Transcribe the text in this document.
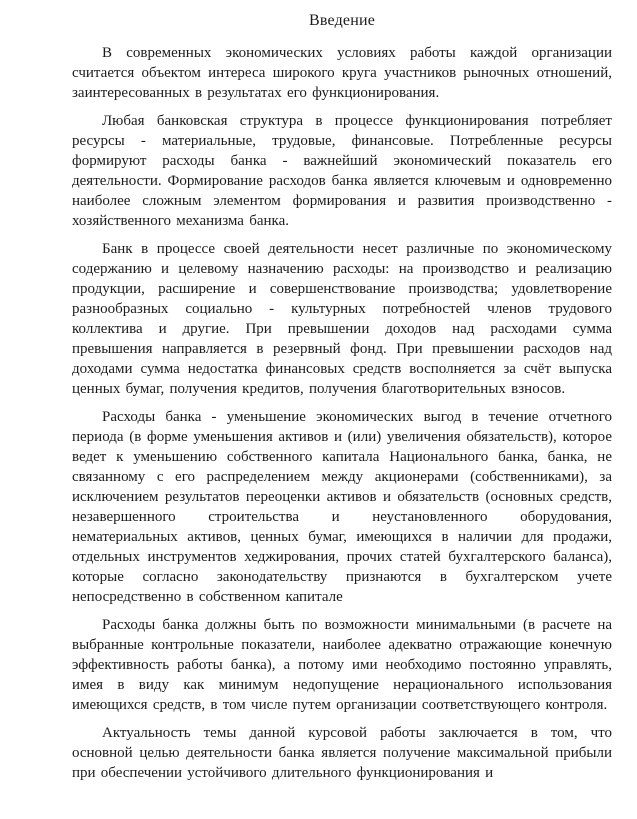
Введение

В современных экономических условиях работы каждой организации считается объектом интереса широкого круга участников рыночных отношений, заинтересованных в результатах его функционирования.

Любая банковская структура в процессе функционирования потребляет ресурсы - материальные, трудовые, финансовые. Потребленные ресурсы формируют расходы банка - важнейший экономический показатель его деятельности. Формирование расходов банка является ключевым и одновременно наиболее сложным элементом формирования и развития производственно - хозяйственного механизма банка.

Банк в процессе своей деятельности несет различные по экономическому содержанию и целевому назначению расходы: на производство и реализацию продукции, расширение и совершенствование производства; удовлетворение разнообразных социально - культурных потребностей членов трудового коллектива и другие. При превышении доходов над расходами сумма превышения направляется в резервный фонд. При превышении расходов над доходами сумма недостатка финансовых средств восполняется за счёт выпуска ценных бумаг, получения кредитов, получения благотворительных взносов.

Расходы банка - уменьшение экономических выгод в течение отчетного периода (в форме уменьшения активов и (или) увеличения обязательств), которое ведет к уменьшению собственного капитала Национального банка, банка, не связанному с его распределением между акционерами (собственниками), за исключением результатов переоценки активов и обязательств (основных средств, незавершенного строительства и неустановленного оборудования, нематериальных активов, ценных бумаг, имеющихся в наличии для продажи, отдельных инструментов хеджирования, прочих статей бухгалтерского баланса), которые согласно законодательству признаются в бухгалтерском учете непосредственно в собственном капитале

Расходы банка должны быть по возможности минимальными (в расчете на выбранные контрольные показатели, наиболее адекватно отражающие конечную эффективность работы банка), а потому ими необходимо постоянно управлять, имея в виду как минимум недопущение нерационального использования имеющихся средств, в том числе путем организации соответствующего контроля.

Актуальность темы данной курсовой работы заключается в том, что основной целью деятельности банка является получение максимальной прибыли при обеспечении устойчивого длительного функционирования и
